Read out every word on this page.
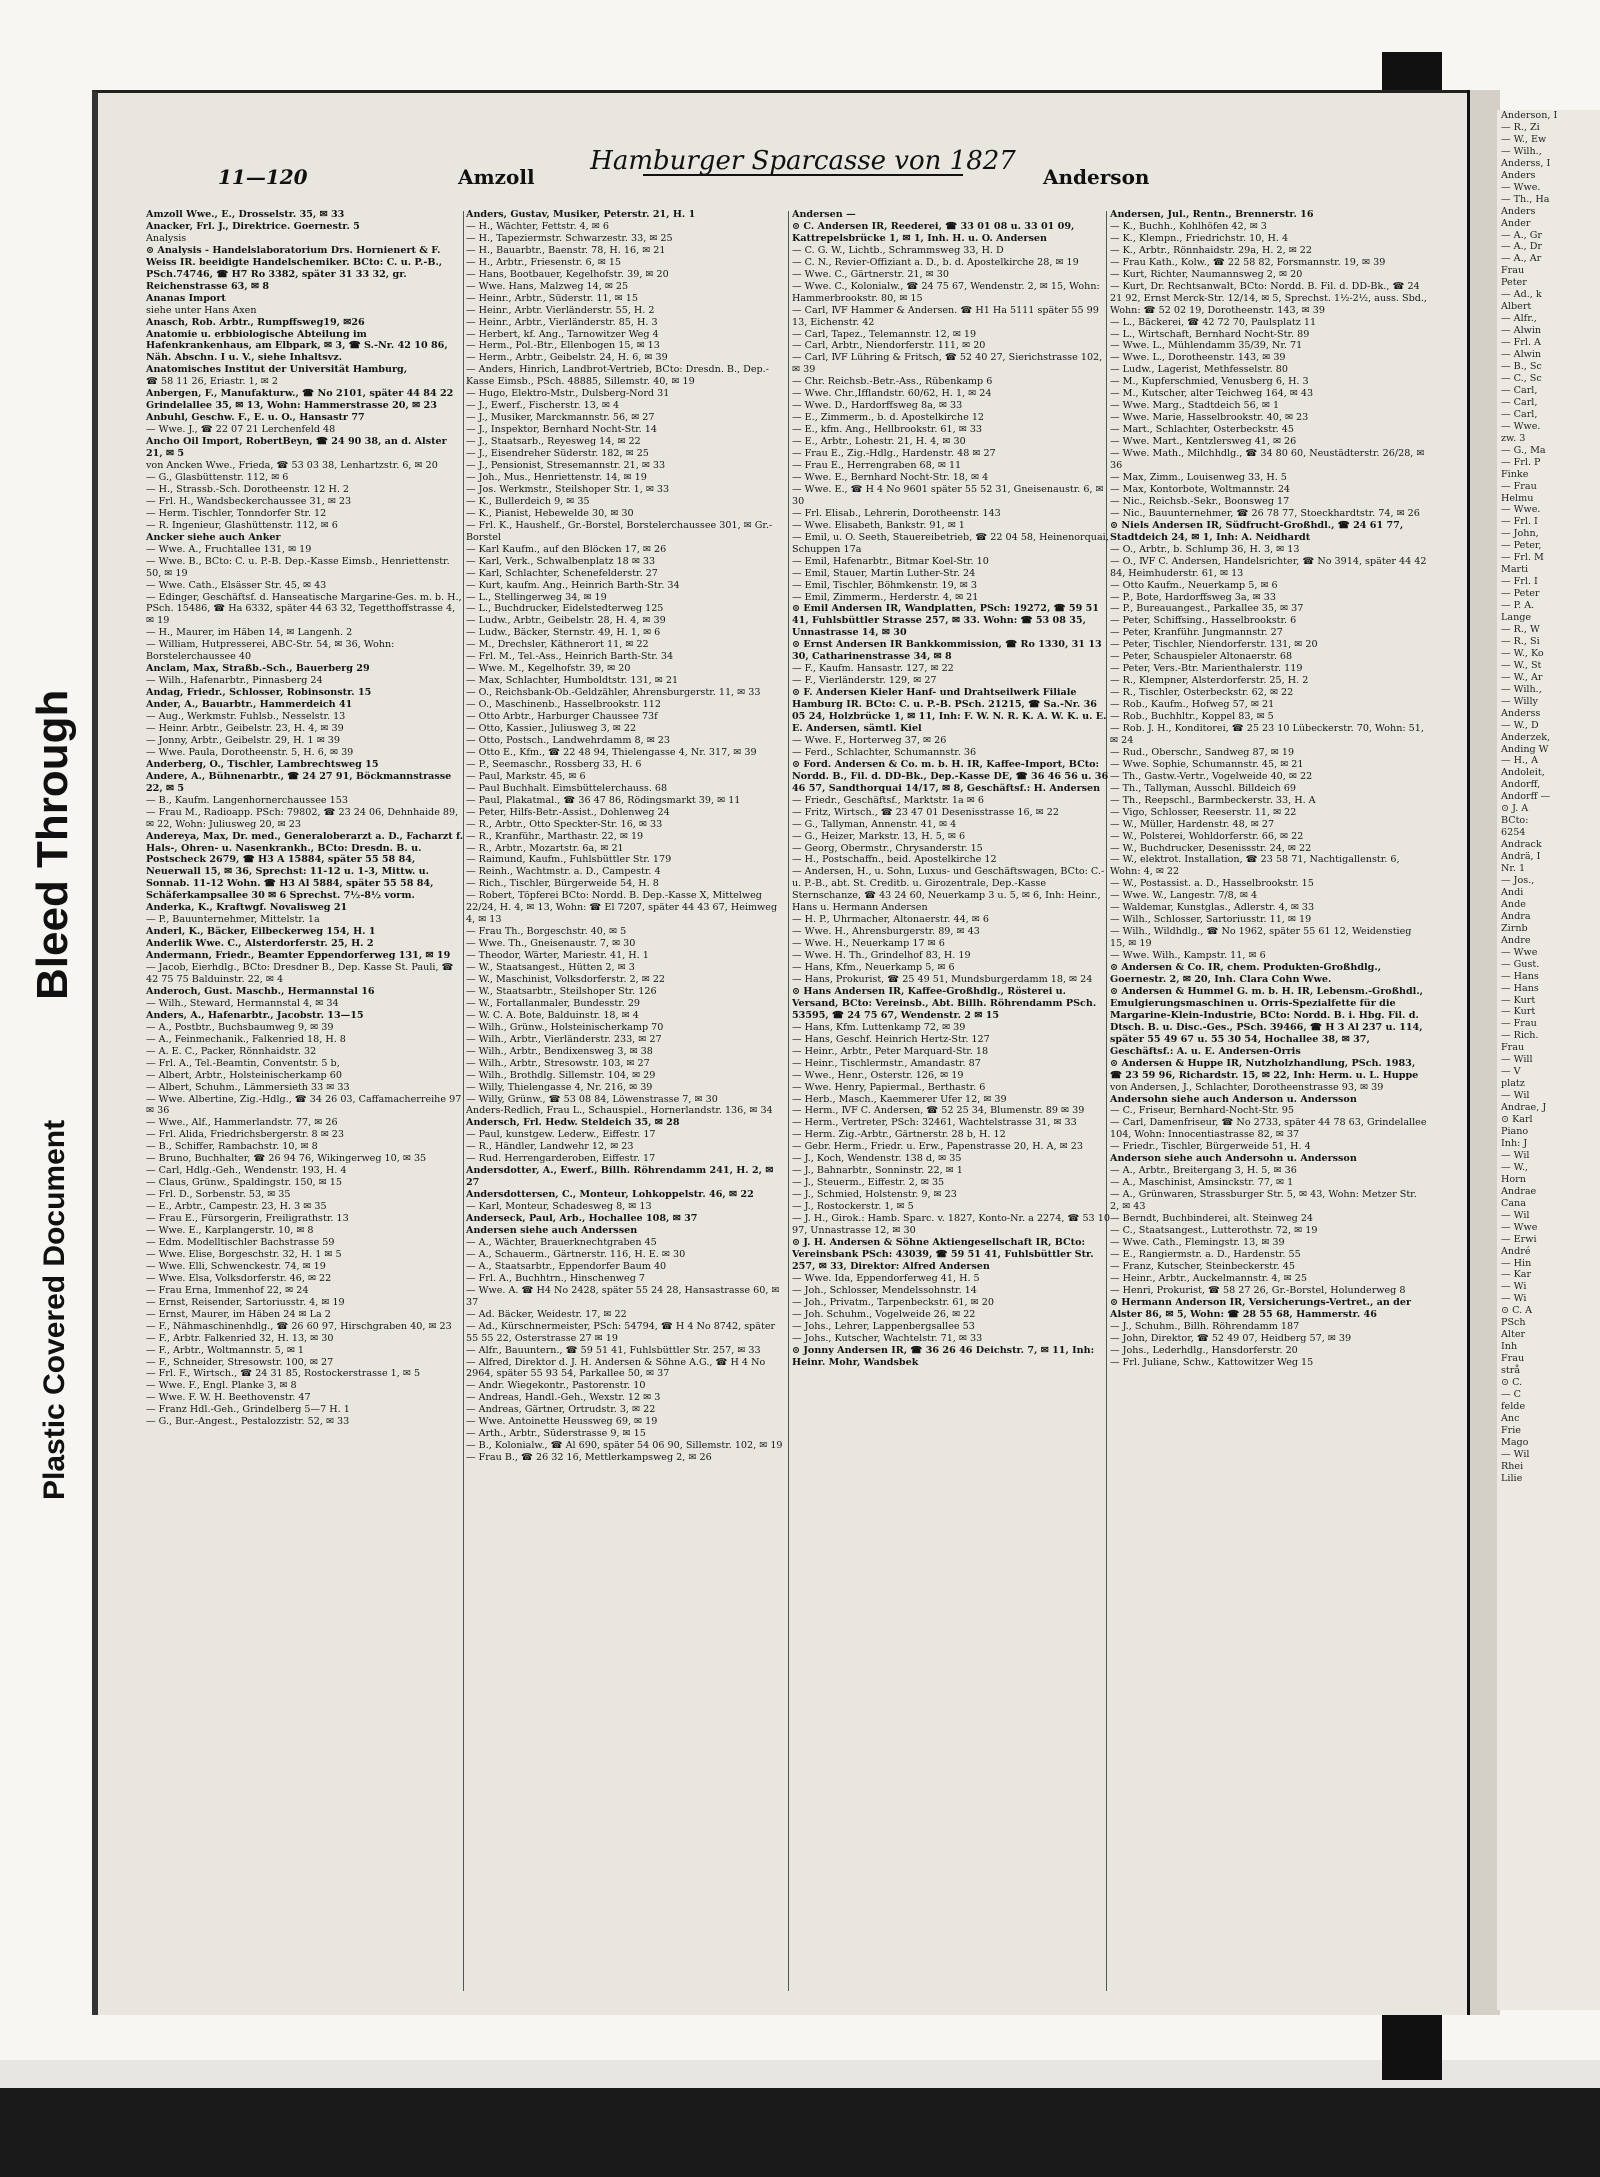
Bleed Through
Plastic Covered Document
11—120	Amzoll
Hamburger Sparcasse von 1827
Anderson
Amzoll Wwe., E., Drosselstr. 35, ✉ 33
Anacker, Frl. J., Direktrice. Goernestr. 5
Analysis
⊙ Analysis - Handelslaboratorium Drs. Hornienert & F. Weiss IR. beeidigte Handelschemiker. BCto: C. u. P.-B., PSch.74746, ☎ H7 Ro 3382, später 31 33 32, gr. Reichenstrasse 63, ✉ 8
Ananas Import
siehe unter Hans Axen
Anasch, Rob. Arbtr., Rumpffsweg19, ✉26
Anatomie u. erbbiologische Abteilung im Hafenkrankenhaus, am Elbpark, ✉ 3, ☎ S.-Nr. 42 10 86, Näh. Abschn. I u. V., siehe Inhaltsvz.
Anatomisches Institut der Universität Hamburg,
☎ 58 11 26, Eriastr. 1, ✉ 2
Anbergen, F., Manufakturw., ☎ No 2101, später 44 84 22 Grindelallee 35, ✉ 13, Wohn: Hammerstrasse 20, ✉ 23
Anbuhl, Geschw. F., E. u. O., Hansastr 77
— Wwe. J., ☎ 22 07 21 Lerchenfeld 48
Ancho Oil Import, RobertBeyn, ☎ 24 90 38, an d. Alster 21, ✉ 5
von Ancken Wwe., Frieda, ☎ 53 03 38, Lenhartzstr. 6, ✉ 20
— G., Glasbüttenstr. 112, ✉ 6
— H., Strassb.-Sch. Dorotheenstr. 12 H. 2
— Frl. H., Wandsbeckerchaussee 31, ✉ 23
— Herm. Tischler, Tonndorfer Str. 12
— R. Ingenieur, Glashüttenstr. 112, ✉ 6
Ancker siehe auch Anker
— Wwe. A., Fruchtallee 131, ✉ 19
— Wwe. B., BCto: C. u. P.-B. Dep.-Kasse Eimsb., Henriettenstr. 50, ✉ 19
— Wwe. Cath., Elsässer Str. 45, ✉ 43
— Edinger, Geschäftsf. d. Hanseatische Margarine-Ges. m. b. H., PSch. 15486, ☎ Ha 6332, später 44 63 32, Tegetthoffstrasse 4, ✉ 19
— H., Maurer, im Häben 14, ✉ Langenh. 2
— William, Hutpresserei, ABC-Str. 54, ✉ 36, Wohn: Borstelerchaussee 40
Anclam, Max, Straßb.-Sch., Bauerberg 29
— Wilh., Hafenarbtr., Pinnasberg 24
Andag, Friedr., Schlosser, Robinsonstr. 15
Ander, A., Bauarbtr., Hammerdeich 41
— Aug., Werkmstr. Fuhlsb., Nesselstr. 13
— Heinr. Arbtr., Geibelstr. 23, H. 4, ✉ 39
— Jonny, Arbtr., Geibelstr. 29, H. 1 ✉ 39
— Wwe. Paula, Dorotheenstr. 5, H. 6, ✉ 39
Anderberg, O., Tischler, Lambrechtsweg 15
Andere, A., Bühnenarbtr., ☎ 24 27 91, Böckmannstrasse 22, ✉ 5
— B., Kaufm. Langenhornerchaussee 153
— Frau M., Radioapp. PSch: 79802, ☎ 23 24 06, Dehnhaide 89, ✉ 22, Wohn: Juliusweg 20, ✉ 23
Andereya, Max, Dr. med., Generaloberarzt a. D., Facharzt f. Hals-, Ohren- u. Nasenkrankh., BCto: Dresdn. B. u. Postscheck 2679, ☎ H3 A 15884, später 55 58 84, Neuerwall 15, ✉ 36, Sprechst: 11-12 u. 1-3, Mittw. u. Sonnab. 11-12 Wohn. ☎ H3 Al 5884, später 55 58 84, Schäferkampsallee 30 ✉ 6 Sprechst. 7½-8½ vorm.
Anderka, K., Kraftwgf. Novalisweg 21
— P., Bauunternehmer, Mittelstr. 1a
Anderl, K., Bäcker, Eilbeckerweg 154, H. 1
Anderlik Wwe. C., Alsterdorferstr. 25, H. 2
Andermann, Friedr., Beamter Eppendorferweg 131, ✉ 19
— Jacob, Eierhdlg., BCto: Dresdner B., Dep. Kasse St. Pauli, ☎ 42 75 75 Balduinstr. 22, ✉ 4
Anderoch, Gust. Maschb., Hermannstal 16
— Wilh., Steward, Hermannstal 4, ✉ 34
Anders, A., Hafenarbtr., Jacobstr. 13—15
— A., Postbtr., Buchsbaumweg 9, ✉ 39
— A., Feinmechanik., Falkenried 18, H. 8
— A. E. C., Packer, Rönnhaidstr. 32
— Frl. A., Tel.-Beamtin, Conventstr. 5 b,
— Albert, Arbtr., Holsteinischerkamp 60
— Albert, Schuhm., Lämmersieth 33 ✉ 33
— Wwe. Albertine, Zig.-Hdlg., ☎ 34 26 03, Caffamacherreihe 97 ✉ 36
— Wwe., Alf., Hammerlandstr. 77, ✉ 26
— Frl. Alida, Friedrichsbergerstr. 8 ✉ 23
— B., Schiffer, Rambachstr. 10, ✉ 8
— Bruno, Buchhalter, ☎ 26 94 76, Wikingerweg 10, ✉ 35
— Carl, Hdlg.-Geh., Wendenstr. 193, H. 4
— Claus, Grünw., Spaldingstr. 150, ✉ 15
— Frl. D., Sorbenstr. 53, ✉ 35
— E., Arbtr., Campestr. 23, H. 3 ✉ 35
— Frau E., Fürsorgerin, Freiligrathstr. 13
— Wwe. E., Karplangerstr. 10, ✉ 8
— Edm. Modelltischler Bachstrasse 59
— Wwe. Elise, Borgeschstr. 32, H. 1 ✉ 5
— Wwe. Elli, Schwenckestr. 74, ✉ 19
— Wwe. Elsa, Volksdorferstr. 46, ✉ 22
— Frau Erna, Immenhof 22, ✉ 24
— Ernst, Reisender, Sartoriusstr. 4, ✉ 19
— Ernst, Maurer, im Häben 24 ✉ La 2
— F., Nähmaschinenhdlg., ☎ 26 60 97, Hirschgraben 40, ✉ 23
— F., Arbtr. Falkenried 32, H. 13, ✉ 30
— F., Arbtr., Woltmannstr. 5, ✉ 1
— F., Schneider, Stresowstr. 100, ✉ 27
— Frl. F., Wirtsch., ☎ 24 31 85, Rostockerstrasse 1, ✉ 5
— Wwe. F., Engl. Planke 3, ✉ 8
— Wwe. F. W. H. Beethovenstr. 47
— Franz Hdl.-Geh., Grindelberg 5—7 H. 1
— G., Bur.-Angest., Pestalozzistr. 52, ✉ 33
Anders, Gustav, Musiker, Peterstr. 21, H. 1
— H., Wächter, Fettstr. 4, ✉ 6
— H., Tapeziermstr. Schwarzestr. 33, ✉ 25
— H., Bauarbtr., Baenstr. 78, H. 16, ✉ 21
— H., Arbtr., Friesenstr. 6, ✉ 15
— Hans, Bootbauer, Kegelhofstr. 39, ✉ 20
— Wwe. Hans, Malzweg 14, ✉ 25
— Heinr., Arbtr., Süderstr. 11, ✉ 15
— Heinr., Arbtr. Vierländerstr. 55, H. 2
— Heinr., Arbtr., Vierländerstr. 85, H. 3
— Herbert, kf. Ang., Tarnowitzer Weg 4
— Herm., Pol.-Btr., Ellenbogen 15, ✉ 13
— Herm., Arbtr., Geibelstr. 24, H. 6, ✉ 39
— Anders, Hinrich, Landbrot-Vertrieb, BCto: Dresdn. B., Dep.-Kasse Eimsb., PSch. 48885, Sillemstr. 40, ✉ 19
— Hugo, Elektro-Mstr., Dulsberg-Nord 31
— J., Ewerf., Fischerstr. 13, ✉ 4
— J., Musiker, Marckmannstr. 56, ✉ 27
— J., Inspektor, Bernhard Nocht-Str. 14
— J., Staatsarb., Reyesweg 14, ✉ 22
— J., Eisendreher Süderstr. 182, ✉ 25
— J., Pensionist, Stresemannstr. 21, ✉ 33
— Joh., Mus., Henriettenstr. 14, ✉ 19
— Jos. Werkmstr., Steilshoper Str. 1, ✉ 33
— K., Bullerdeich 9, ✉ 35
— K., Pianist, Hebewelde 30, ✉ 30
— Frl. K., Haushelf., Gr.-Borstel, Borstelerchaussee 301, ✉ Gr.-Borstel
— Karl Kaufm., auf den Blöcken 17, ✉ 26
— Karl, Verk., Schwalbenplatz 18 ✉ 33
— Karl, Schlachter, Schenefelderstr. 27
— Kurt, kaufm. Ang., Heinrich Barth-Str. 34
— L., Stellingerweg 34, ✉ 19
— L., Buchdrucker, Eidelstedterweg 125
— Ludw., Arbtr., Geibelstr. 28, H. 4, ✉ 39
— Ludw., Bäcker, Sternstr. 49, H. 1, ✉ 6
— M., Drechsler, Käthnerort 11, ✉ 22
— Frl. M., Tel.-Ass., Heinrich Barth-Str. 34
— Wwe. M., Kegelhofstr. 39, ✉ 20
— Max, Schlachter, Humboldtstr. 131, ✉ 21
— O., Reichsbank-Ob.-Geldzähler, Ahrensburgerstr. 11, ✉ 33
— O., Maschinenb., Hasselbrookstr. 112
— Otto Arbtr., Harburger Chaussee 73f
— Otto, Kassier., Juliusweg 3, ✉ 22
— Otto, Postsch., Landwehrdamm 8, ✉ 23
— Otto E., Kfm., ☎ 22 48 94, Thielengasse 4, Nr. 317, ✉ 39
— P., Seemaschr., Rossberg 33, H. 6
— Paul, Markstr. 45, ✉ 6
— Paul Buchhalt. Eimsbüttelerchauss. 68
— Paul, Plakatmal., ☎ 36 47 86, Rödingsmarkt 39, ✉ 11
— Peter, Hilfs-Betr.-Assist., Dohlenweg 24
— R., Arbtr., Otto Speckter-Str. 16, ✉ 33
— R., Kranführ., Marthastr. 22, ✉ 19
— R., Arbtr., Mozartstr. 6a, ✉ 21
— Raimund, Kaufm., Fuhlsbüttler Str. 179
— Reinh., Wachtmstr. a. D., Campestr. 4
— Rich., Tischler, Bürgerweide 54, H. 8
— Robert, Töpferei BCto: Nordd. B. Dep.-Kasse X, Mittelweg 22/24, H. 4, ✉ 13, Wohn: ☎ El 7207, später 44 43 67, Heimweg 4, ✉ 13
— Frau Th., Borgeschstr. 40, ✉ 5
— Wwe. Th., Gneisenaustr. 7, ✉ 30
— Theodor, Wärter, Mariestr. 41, H. 1
— W., Staatsangest., Hütten 2, ✉ 3
— W., Maschinist, Volksdorferstr. 2, ✉ 22
— W., Staatsarbtr., Steilshoper Str. 126
— W., Fortallanmaler, Bundesstr. 29
— W. C. A. Bote, Balduinstr. 18, ✉ 4
— Wilh., Grünw., Holsteinischerkamp 70
— Wilh., Arbtr., Vierländerstr. 233, ✉ 27
— Wilh., Arbtr., Bendixensweg 3, ✉ 38
— Wilh., Arbtr., Stresowstr. 103, ✉ 27
— Wilh., Brothdlg. Sillemstr. 104, ✉ 29
— Willy, Thielengasse 4, Nr. 216, ✉ 39
— Willy, Grünw., ☎ 53 08 84, Löwenstrasse 7, ✉ 30
Anders-Redlich, Frau L., Schauspiel., Hornerlandstr. 136, ✉ 34
Andersch, Frl. Hedw. Steldeich 35, ✉ 28
— Paul, kunstgew. Lederw., Eiffestr. 17
— R., Händler, Landwehr 12, ✉ 23
— Rud. Herrengarderoben, Eiffestr. 17
Andersdotter, A., Ewerf., Billh. Röhrendamm 241, H. 2, ✉ 27
Andersdottersen, C., Monteur, Lohkoppelstr. 46, ✉ 22
— Karl, Monteur, Schadesweg 8, ✉ 13
Anderseck, Paul, Arb., Hochallee 108, ✉ 37
Andersen siehe auch Anderssen
— A., Wächter, Brauerknechtgraben 45
— A., Schauerm., Gärtnerstr. 116, H. E. ✉ 30
— A., Staatsarbtr., Eppendorfer Baum 40
— Frl. A., Buchhtrn., Hinschenweg 7
— Wwe. A. ☎ H4 No 2428, später 55 24 28, Hansastrasse 60, ✉ 37
— Ad. Bäcker, Weidestr. 17, ✉ 22
— Ad., Kürschnermeister, PSch: 54794, ☎ H 4 No 8742, später 55 55 22, Osterstrasse 27 ✉ 19
— Alfr., Bauuntern., ☎ 59 51 41, Fuhlsbüttler Str. 257, ✉ 33
— Alfred, Direktor d. J. H. Andersen & Söhne A.G., ☎ H 4 No 2964, später 55 93 54, Parkallee 50, ✉ 37
— Andr. Wiegekontr., Pastorenstr. 10
— Andreas, Handl.-Geh., Wexstr. 12 ✉ 3
— Andreas, Gärtner, Ortrudstr. 3, ✉ 22
— Wwe. Antoinette Heussweg 69, ✉ 19
— Arth., Arbtr., Süderstrasse 9, ✉ 15
— B., Kolonialw., ☎ Al 690, später 54 06 90, Sillemstr. 102, ✉ 19
— Frau B., ☎ 26 32 16, Mettlerkampsweg 2, ✉ 26
Andersen —
⊙ C. Andersen IR, Reederei, ☎ 33 01 08 u. 33 01 09, Kattrepelsbrücke 1, ✉ 1, Inh. H. u. O. Andersen
— C. G. W., Lichtb., Schrammsweg 33, H. D
— C. N., Revier-Offiziant a. D., b. d. Apostelkirche 28, ✉ 19
— Wwe. C., Gärtnerstr. 21, ✉ 30
— Wwe. C., Kolonialw., ☎ 24 75 67, Wendenstr. 2, ✉ 15, Wohn: Hammerbrookstr. 80, ✉ 15
— Carl, ⅣF Hammer & Andersen. ☎ H1 Ha 5111 später 55 99 13, Eichenstr. 42
— Carl, Tapez., Telemannstr. 12, ✉ 19
— Carl, Arbtr., Niendorferstr. 111, ✉ 20
— Carl, ⅣF Lühring & Fritsch, ☎ 52 40 27, Sierichstrasse 102, ✉ 39
— Chr. Reichsb.-Betr.-Ass., Rübenkamp 6
— Wwe. Chr.,Ifflandstr. 60/62, H. 1, ✉ 24
— Wwe. D., Hardorffsweg 8a, ✉ 33
— E., Zimmerm., b. d. Apostelkirche 12
— E., kfm. Ang., Hellbrookstr. 61, ✉ 33
— E., Arbtr., Lohestr. 21, H. 4, ✉ 30
— Frau E., Zig.-Hdlg., Hardenstr. 48 ✉ 27
— Frau E., Herrengraben 68, ✉ 11
— Wwe. E., Bernhard Nocht-Str. 18, ✉ 4
— Wwe. E., ☎ H 4 No 9601 später 55 52 31, Gneisenaustr. 6, ✉ 30
— Frl. Elisab., Lehrerin, Dorotheenstr. 143
— Wwe. Elisabeth, Bankstr. 91, ✉ 1
— Emil, u. O. Seeth, Stauereibetrieb, ☎ 22 04 58, Heinenorquai, Schuppen 17a
— Emil, Hafenarbtr., Bitmar Koel-Str. 10
— Emil, Stauer, Martin Luther-Str. 24
— Emil, Tischler, Böhmkenstr. 19, ✉ 3
— Emil, Zimmerm., Herderstr. 4, ✉ 21
⊙ Emil Andersen IR, Wandplatten, PSch: 19272, ☎ 59 51 41, Fuhlsbüttler Strasse 257, ✉ 33. Wohn: ☎ 53 08 35, Unnastrasse 14, ✉ 30
⊙ Ernst Andersen IR Bankkommission, ☎ Ro 1330, 31 13 30, Catharinenstrasse 34, ✉ 8
— F., Kaufm. Hansastr. 127, ✉ 22
— F., Vierländerstr. 129, ✉ 27
⊙ F. Andersen Kieler Hanf- und Drahtseilwerk Filiale Hamburg IR. BCto: C. u. P.-B. PSch. 21215, ☎ Sa.-Nr. 36 05 24, Holzbrücke 1, ✉ 11, Inh: F. W. N. R. K. A. W. K. u. E. E. Andersen, sämtl. Kiel
— Wwe. F., Horterweg 37, ✉ 26
— Ferd., Schlachter, Schumannstr. 36
⊙ Ford. Andersen & Co. m. b. H. IR, Kaffee-Import, BCto: Nordd. B., Fil. d. DD-Bk., Dep.-Kasse DE, ☎ 36 46 56 u. 36 46 57, Sandthorquai 14/17, ✉ 8, Geschäftsf.: H. Andersen
— Friedr., Geschäftsf., Marktstr. 1a ✉ 6
— Fritz, Wirtsch., ☎ 23 47 01 Desenisstrasse 16, ✉ 22
— G., Tallyman, Annenstr. 41, ✉ 4
— G., Heizer, Markstr. 13, H. 5, ✉ 6
— Georg, Obermstr., Chrysanderstr. 15
— H., Postschaffn., beid. Apostelkirche 12
— Andersen, H., u. Sohn, Luxus- und Geschäftswagen, BCto: C.- u. P.-B., abt. St. Creditb. u. Girozentrale, Dep.-Kasse Sternschanze, ☎ 43 24 60, Neuerkamp 3 u. 5, ✉ 6, Inh: Heinr., Hans u. Hermann Andersen
— H. P., Uhrmacher, Altonaerstr. 44, ✉ 6
— Wwe. H., Ahrensburgerstr. 89, ✉ 43
— Wwe. H., Neuerkamp 17 ✉ 6
— Wwe. H. Th., Grindelhof 83, H. 19
— Hans, Kfm., Neuerkamp 5, ✉ 6
— Hans, Prokurist, ☎ 25 49 51, Mundsburgerdamm 18, ✉ 24
⊙ Hans Andersen IR, Kaffee-Großhdlg., Rösterei u. Versand, BCto: Vereinsb., Abt. Billh. Röhrendamm PSch. 53595, ☎ 24 75 67, Wendenstr. 2 ✉ 15
— Hans, Kfm. Luttenkamp 72, ✉ 39
— Hans, Geschf. Heinrich Hertz-Str. 127
— Heinr., Arbtr., Peter Marquard-Str. 18
— Heinr., Tischlermstr., Amandastr. 87
— Wwe., Henr., Osterstr. 126, ✉ 19
— Wwe. Henry, Papiermal., Berthastr. 6
— Herb., Masch., Kaemmerer Ufer 12, ✉ 39
— Herm., ⅣF C. Andersen, ☎ 52 25 34, Blumenstr. 89 ✉ 39
— Herm., Vertreter, PSch: 32461, Wachtelstrasse 31, ✉ 33
— Herm. Zig.-Arbtr., Gärtnerstr. 28 b, H. 12
— Gebr. Herm., Friedr. u. Erw., Papenstrasse 20, H. A, ✉ 23
— J., Koch, Wendenstr. 138 d, ✉ 35
— J., Bahnarbtr., Sonninstr. 22, ✉ 1
— J., Steuerm., Eiffestr. 2, ✉ 35
— J., Schmied, Holstenstr. 9, ✉ 23
— J., Rostockerstr. 1, ✉ 5
— J. H., Girok.: Hamb. Sparc. v. 1827, Konto-Nr. a 2274, ☎ 53 10 97, Unnastrasse 12, ✉ 30
⊙ J. H. Andersen & Söhne Aktiengesellschaft IR, BCto: Vereinsbank PSch: 43039, ☎ 59 51 41, Fuhlsbüttler Str. 257, ✉ 33, Direktor: Alfred Andersen
— Wwe. Ida, Eppendorferweg 41, H. 5
— Joh., Schlosser, Mendelssohnstr. 14
— Joh., Privatm., Tarpenbeckstr. 61, ✉ 20
— Joh. Schuhm., Vogelweide 26, ✉ 22
— Johs., Lehrer, Lappenbergsallee 53
— Johs., Kutscher, Wachtelstr. 71, ✉ 33
⊙ Jonny Andersen IR, ☎ 36 26 46 Deichstr. 7, ✉ 11, Inh: Heinr. Mohr, Wandsbek
Andersen, Jul., Rentn., Brennerstr. 16
— K., Buchh., Kohlhöfen 42, ✉ 3
— K., Klempn., Friedrichstr. 10, H. 4
— K., Arbtr., Rönnhaidstr. 29a, H. 2, ✉ 22
— Frau Kath., Kolw., ☎ 22 58 82, Forsmannstr. 19, ✉ 39
— Kurt, Richter, Naumannsweg 2, ✉ 20
— Kurt, Dr. Rechtsanwalt, BCto: Nordd. B. Fil. d. DD-Bk., ☎ 24 21 92, Ernst Merck-Str. 12/14, ✉ 5, Sprechst. 1½-2½, auss. Sbd., Wohn: ☎ 52 02 19, Dorotheenstr. 143, ✉ 39
— L., Bäckerei, ☎ 42 72 70, Paulsplatz 11
— L., Wirtschaft, Bernhard Nocht-Str. 89
— Wwe. L., Mühlendamm 35/39, Nr. 71
— Wwe. L., Dorotheenstr. 143, ✉ 39
— Ludw., Lagerist, Methfesselstr. 80
— M., Kupferschmied, Venusberg 6, H. 3
— M., Kutscher, alter Teichweg 164, ✉ 43
— Wwe. Marg., Stadtdeich 56, ✉ 1
— Wwe. Marie, Hasselbrookstr. 40, ✉ 23
— Mart., Schlachter, Osterbeckstr. 45
— Wwe. Mart., Kentzlersweg 41, ✉ 26
— Wwe. Math., Milchhdlg., ☎ 34 80 60, Neustädterstr. 26/28, ✉ 36
— Max, Zimm., Louisenweg 33, H. 5
— Max, Kontorbote, Woltmannstr. 24
— Nic., Reichsb.-Sekr., Boonsweg 17
— Nic., Bauunternehmer, ☎ 26 78 77, Stoeckhardtstr. 74, ✉ 26
⊙ Niels Andersen IR, Südfrucht-Großhdl., ☎ 24 61 77, Stadtdeich 24, ✉ 1, Inh: A. Neidhardt
— O., Arbtr., b. Schlump 36, H. 3, ✉ 13
— O., ⅣF C. Andersen, Handelsrichter, ☎ No 3914, später 44 42 84, Heimhuderstr. 61, ✉ 13
— Otto Kaufm., Neuerkamp 5, ✉ 6
— P., Bote, Hardorffsweg 3a, ✉ 33
— P., Bureauangest., Parkallee 35, ✉ 37
— Peter, Schiffsing., Hasselbrookstr. 6
— Peter, Kranführ. Jungmannstr. 27
— Peter, Tischler, Niendorferstr. 131, ✉ 20
— Peter, Schauspieler Altonaerstr. 68
— Peter, Vers.-Btr. Marienthalerstr. 119
— R., Klempner, Alsterdorferstr. 25, H. 2
— R., Tischler, Osterbeckstr. 62, ✉ 22
— Rob., Kaufm., Hofweg 57, ✉ 21
— Rob., Buchhltr., Koppel 83, ✉ 5
— Rob. J. H., Konditorei, ☎ 25 23 10 Lübeckerstr. 70, Wohn: 51, ✉ 24
— Rud., Oberschr., Sandweg 87, ✉ 19
— Wwe. Sophie, Schumannstr. 45, ✉ 21
— Th., Gastw.-Vertr., Vogelweide 40, ✉ 22
— Th., Tallyman, Ausschl. Billdeich 69
— Th., Reepschl., Barmbeckerstr. 33, H. A
— Vigo, Schlosser, Reeserstr. 11, ✉ 22
— W., Müller, Hardenstr. 48, ✉ 27
— W., Polsterei, Wohldorferstr. 66, ✉ 22
— W., Buchdrucker, Desenissstr. 24, ✉ 22
— W., elektrot. Installation, ☎ 23 58 71, Nachtigallenstr. 6, Wohn: 4, ✉ 22
— W., Postassist. a. D., Hasselbrookstr. 15
— Wwe. W., Langestr. 7/8, ✉ 4
— Waldemar, Kunstglas., Adlerstr. 4, ✉ 33
— Wilh., Schlosser, Sartoriusstr. 11, ✉ 19
— Wilh., Wildhdlg., ☎ No 1962, später 55 61 12, Weidenstieg 15, ✉ 19
— Wwe. Wilh., Kampstr. 11, ✉ 6
⊙ Andersen & Co. IR, chem. Produkten-Großhdlg., Goernestr. 2, ✉ 20, Inh. Clara Cohn Wwe.
⊙ Andersen & Hummel G. m. b. H. IR, Lebensm.-Großhdl., Emulgierungsmaschinen u. Orris-Spezialfette für die Margarine-Klein-Industrie, BCto: Nordd. B. i. Hbg. Fil. d. Dtsch. B. u. Disc.-Ges., PSch. 39466, ☎ H 3 Al 237 u. 114, später 55 49 67 u. 55 30 54, Hochallee 38, ✉ 37, Geschäftsf.: A. u. E. Andersen-Orris
⊙ Andersen & Huppe IR, Nutzholzhandlung, PSch. 1983, ☎ 23 59 96, Richardstr. 15, ✉ 22, Inh: Herm. u. L. Huppe
von Andersen, J., Schlachter, Dorotheenstrasse 93, ✉ 39
Andersohn siehe auch Anderson u. Andersson
— C., Friseur, Bernhard-Nocht-Str. 95
— Carl, Damenfriseur, ☎ No 2733, später 44 78 63, Grindelallee 104, Wohn: Innocentiastrasse 82, ✉ 37
— Friedr., Tischler, Bürgerweide 51, H. 4
Anderson siehe auch Andersohn u. Andersson
— A., Arbtr., Breitergang 3, H. 5, ✉ 36
— A., Maschinist, Amsinckstr. 77, ✉ 1
— A., Grünwaren, Strassburger Str. 5, ✉ 43, Wohn: Metzer Str. 2, ✉ 43
— Berndt, Buchbinderei, alt. Steinweg 24
— C., Staatsangest., Lutterothstr. 72, ✉ 19
— Wwe. Cath., Flemingstr. 13, ✉ 39
— E., Rangiermstr. a. D., Hardenstr. 55
— Franz, Kutscher, Steinbeckerstr. 45
— Heinr., Arbtr., Auckelmannstr. 4, ✉ 25
— Henri, Prokurist, ☎ 58 27 26, Gr.-Borstel, Holunderweg 8
⊙ Hermann Anderson IR, Versicherungs-Vertret., an der Alster 86, ✉ 5, Wohn: ☎ 28 55 68, Hammerstr. 46
— J., Schuhm., Billh. Röhrendamm 187
— John, Direktor, ☎ 52 49 07, Heidberg 57, ✉ 39
— Johs., Lederhdlg., Hansdorferstr. 20
— Frl. Juliane, Schw., Kattowitzer Weg 15
Anderson, I
— R., Zi
— W., Ew
— Wilh.,
Anderss, I
Anders
— Wwe.
— Th., Ha
Anders
Ander
— A., Gr
— A., Dr
— A., Ar
Frau
Peter
— Ad., k
Albert
— Alfr.,
— Alwin
— Frl. A
— Alwin
— B., Sc
— C., Sc
— Carl,
— Carl,
— Carl,
— Wwe.
zw. 3
— G., Ma
— Frl. P
Finke
— Frau
Helmu
— Wwe.
— Frl. I
— John,
— Peter,
— Frl. M
Marti
— Frl. I
— Peter
— P. A.
Lange
— R., W
— R., Si
— W., Ko
— W., St
— W., Ar
— Wilh.,
— Willy
Anderss
— W., D
Anderzek,
Anding W
— H., A
Andoleit,
Andorff,
Andorff —
⊙ J. A
BCto:
6254
Andrack
Andrä, I
Nr. 1
— Jos.,
Andi
Ande
Andra
Zirnb
Andre
— Wwe
— Gust.
— Hans
— Hans
— Kurt
— Kurt
— Frau
— Rich.
Frau
— Will
— V
platz
— Wil
Andrae, J
⊙ Karl
Piano
Inh: J
— Wil
— W.,
Horn
Andrae
Cana
— Wil
— Wwe
— Erwi
André
— Hin
— Kar
— Wi
— Wi
⊙ C. A
PSch
Alter
Inh
Frau
strå
⊙ C.
— C
felde
Anc
Frie
Mago
— Wil
Rhei
Lilie
